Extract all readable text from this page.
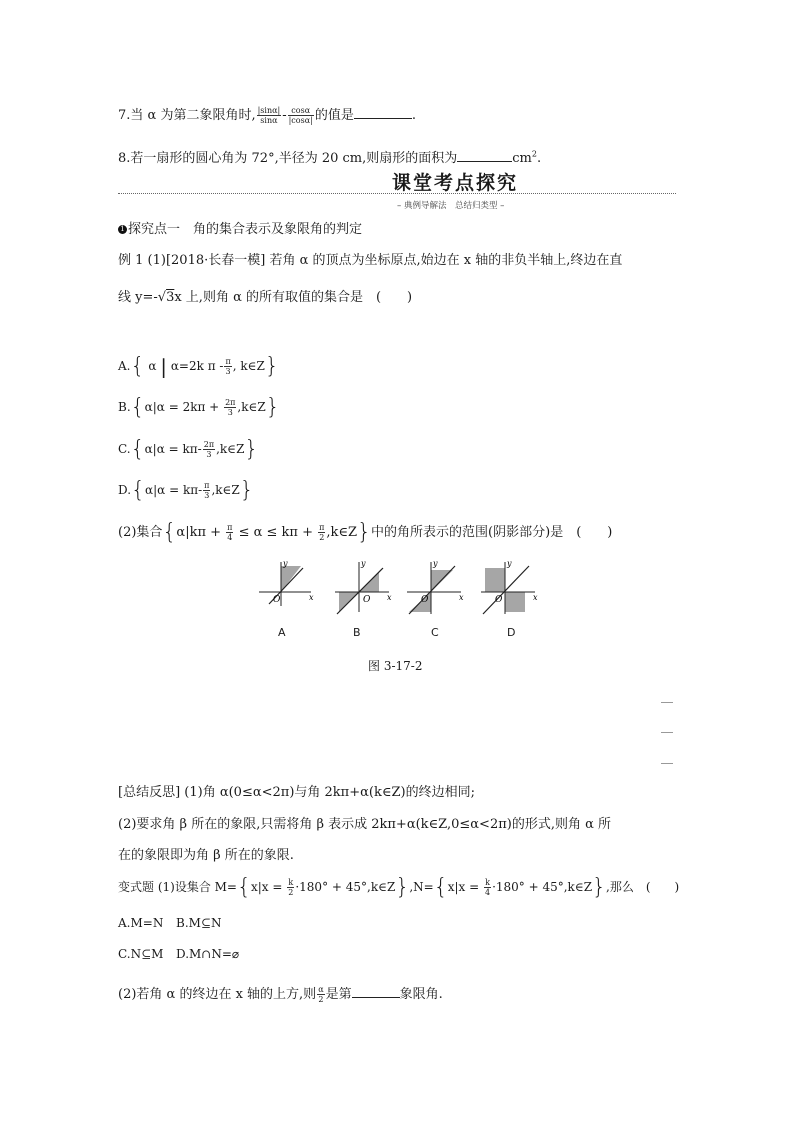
7.当 α 为第二象限角时, $\frac{|\sin\alpha|}{\sin\alpha} - \frac{\cos\alpha}{|\cos\alpha|}$ 的值是	.
8.若一扇形的圆心角为 72°,半径为 20 cm,则扇形的面积为	$cm^2$.
课堂考点探究
– 典例导解法　总结归类型 –
1 探究点一　角的集合表示及象限角的判定
例 1 (1)[2018·长春一模] 若角 α 的顶点为坐标原点,始边在 x 轴的非负半轴上,终边在直
线 y=-√3x 上,则角 α 的所有取值的集合是　(　　)
A.{ α | α=2k π - $\frac{\pi}{3}$ , k∈Z}
$B.\{\alpha|\alpha = 2k\pi + \frac{2\pi}{3}$ ,k∈Z}
$C.\{\alpha|\alpha = k\pi- \frac{2\pi}{3}$ ,k∈Z}
$D.\{\alpha|\alpha = k\pi- \frac{\pi}{3}$ ,k∈Z}
(2)集合{$\alpha|k\pi + \frac{\pi}{4} \le \alpha \le k\pi + \frac{\pi}{2}$ ,k∈Z}中的角所表示的范围(阴影部分)是　(　　)
O	x
y
O x
y
O	x
y
O	x
y
A	B	C	D
图 3-17-2
[总结反思] (1)角 α(0≤α<2π)与角 2kπ+α(k∈Z)的终边相同;
(2)要求角 β 所在的象限,只需将角 β 表示成 2kπ+α(k∈Z,0≤α<2π)的形式,则角 α 所
在的象限即为角 β 所在的象限.
变式题 (1)设集合 $M=\{x|x = \frac{k}{2} \cdot 180^\circ$ + 45°,k∈Z},N={x|x = $\frac{k}{4} \cdot 180^\circ$ + 45°,k∈Z},那么　(　　)
A.M=N B.M⊆N
C.N⊆M D.M∩N=⌀
(2)若角 α 的终边在 x 轴的上方,则 $\frac{\alpha}{2}$ 是第	象限角.
